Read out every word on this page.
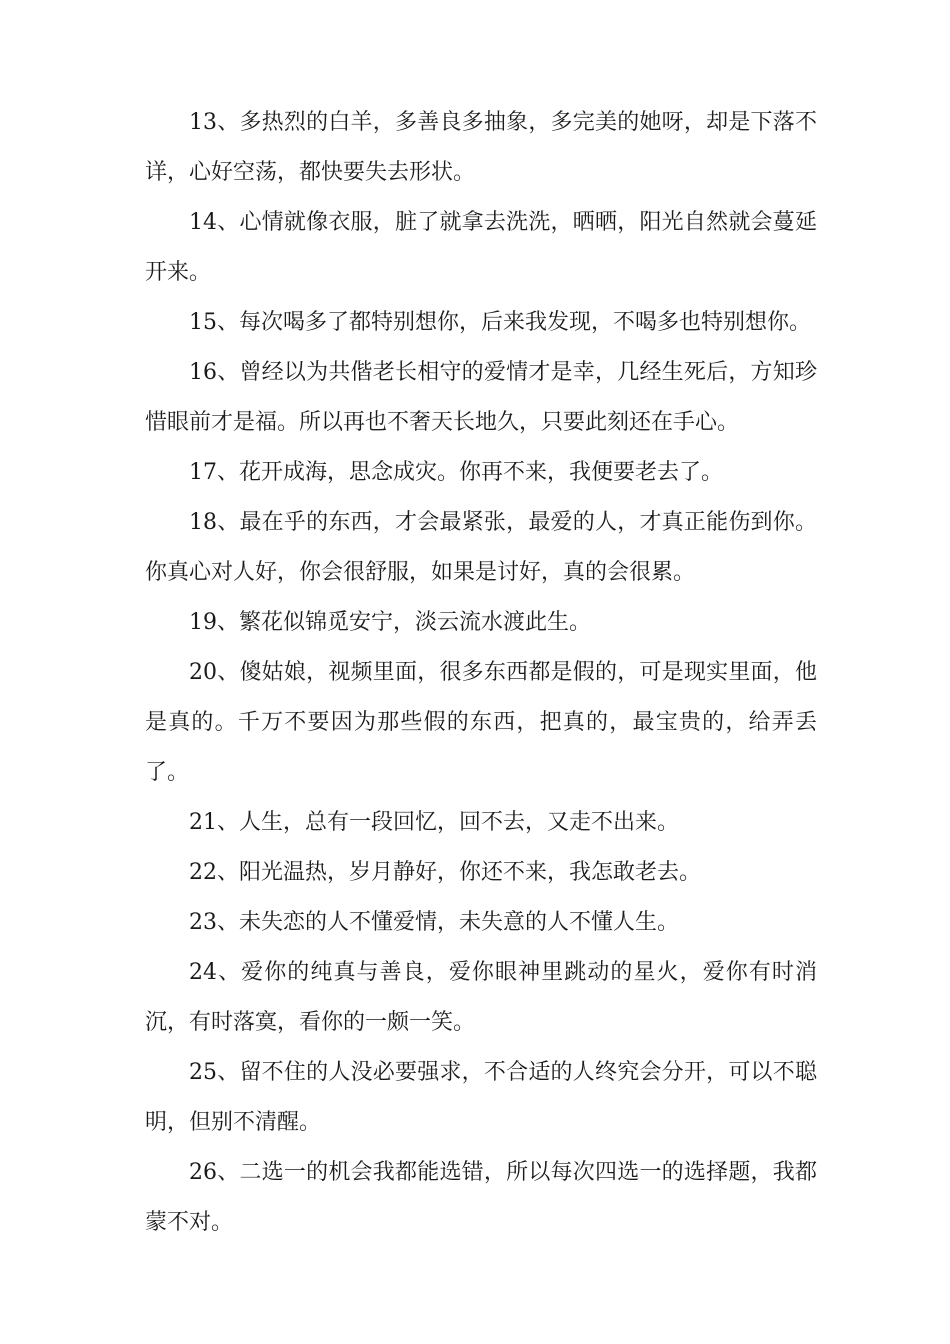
13、多热烈的白羊，多善良多抽象，多完美的她呀，却是下落不详，心好空荡，都快要失去形状。

14、心情就像衣服，脏了就拿去洗洗，晒晒，阳光自然就会蔓延开来。

15、每次喝多了都特别想你，后来我发现，不喝多也特别想你。

16、曾经以为共偕老长相守的爱情才是幸，几经生死后，方知珍惜眼前才是福。所以再也不奢天长地久，只要此刻还在手心。

17、花开成海，思念成灾。你再不来，我便要老去了。

18、最在乎的东西，才会最紧张，最爱的人，才真正能伤到你。你真心对人好，你会很舒服，如果是讨好，真的会很累。

19、繁花似锦觅安宁，淡云流水渡此生。

20、傻姑娘，视频里面，很多东西都是假的，可是现实里面，他是真的。千万不要因为那些假的东西，把真的，最宝贵的，给弄丢了。

21、人生，总有一段回忆，回不去，又走不出来。

22、阳光温热，岁月静好，你还不来，我怎敢老去。

23、未失恋的人不懂爱情，未失意的人不懂人生。

24、爱你的纯真与善良，爱你眼神里跳动的星火，爱你有时消沉，有时落寞，看你的一颇一笑。

25、留不住的人没必要强求，不合适的人终究会分开，可以不聪明，但别不清醒。

26、二选一的机会我都能选错，所以每次四选一的选择题，我都蒙不对。
